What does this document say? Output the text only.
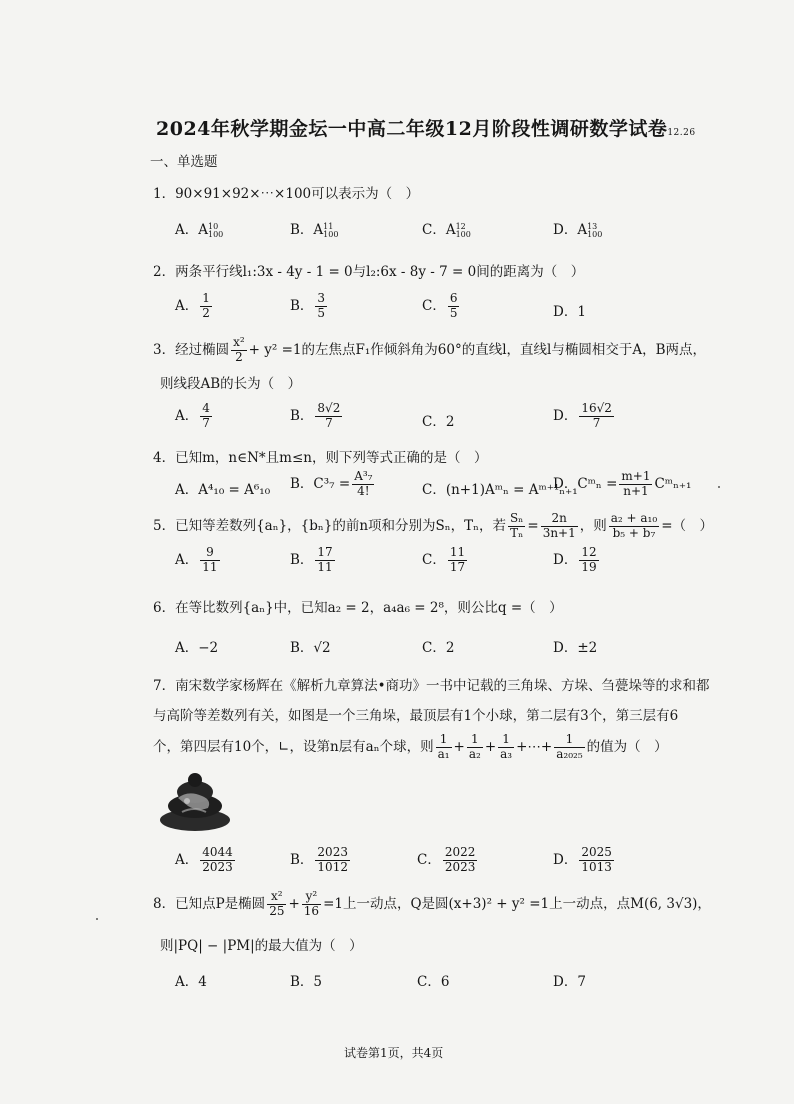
2024年秋学期金坛一中高二年级12月阶段性调研数学试卷12.26
一、单选题
1．90×91×92×⋯×100可以表示为（　）
A．A10
100	B．A11
100	C．A12
100	D．A13
100
2．两条平行线l₁:3x - 4y - 1 = 0与l₂:6x - 8y - 7 = 0间的距离为（　）
A． $\frac{1}{2}$	B． $\frac{3}{5}$	C． $\frac{6}{5}$	D．1
3．经过椭圆 $\frac{\text{x²}}{2} + y^2 =1$的左焦点F₁作倾斜角为60°的直线l，直线l与椭圆相交于A，B两点，
则线段AB的长为（　）
A． $\frac{4}{7}$	B． $\frac{8√2}{7}$	C．2	D． $\frac{16√2}{7}$
4．已知m，n∈N*且m≤n，则下列等式正确的是（　）
A．A⁴₁₀ = A⁶₁₀ B．$C^3_7 = \frac{\text{A³₇}}{4!}$	C．(n+1)Aᵐₙ = Aᵐ⁺¹ₙ₊₁
D．Cᵐₙ = $\frac{m+1}{n+1}$ Cᵐₙ₊₁
5．已知等差数列{aₙ}，{bₙ}的前n项和分别为Sₙ，Tₙ，若 $\frac{\text{Sₙ}}{\text{Tₙ}} = \frac{2n}{3n+1}$ ，则 $\frac{\text{a₂ + a₁₀}}{\text{b₅ + b₇}}$ =（　）
A． $\frac{9}{11}$	B． $\frac{17}{11}$	C． $\frac{11}{17}$	D． $\frac{12}{19}$
6．在等比数列{aₙ}中，已知a₂ = 2，a₄a₆ = 2⁸，则公比q =（　）
A．−2	B．√2	C．2	D．±2
7．南宋数学家杨辉在《解析九章算法•商功》一书中记载的三角垛、方垛、刍甍垛等的求和都
与高阶等差数列有关，如图是一个三角垛，最顶层有1个小球，第二层有3个，第三层有6
个，第四层有10个，∟，设第n层有aₙ个球，则 $\frac{1}{\text{a₁}} + \frac{1}{\text{a₂}} + \frac{1}{\text{a₃}}$ +⋯+ $\frac{1}{\text{a₂₀₂₅}}$ 的值为（　）
A． $\frac{4044}{2023}$	B． $\frac{2023}{1012}$	C． $\frac{2022}{2023}$	D． $\frac{2025}{1013}$
8．已知点P是椭圆 $\frac{\text{x²}}{25} + \frac{\text{y²}}{16} =1$上一动点，Q是圆(x+3)² + y² =1上一动点，点M(6, 3√3)，
则|PQ| − |PM|的最大值为（　）
A．4	B．5	C．6	D．7
试卷第1页，共4页
